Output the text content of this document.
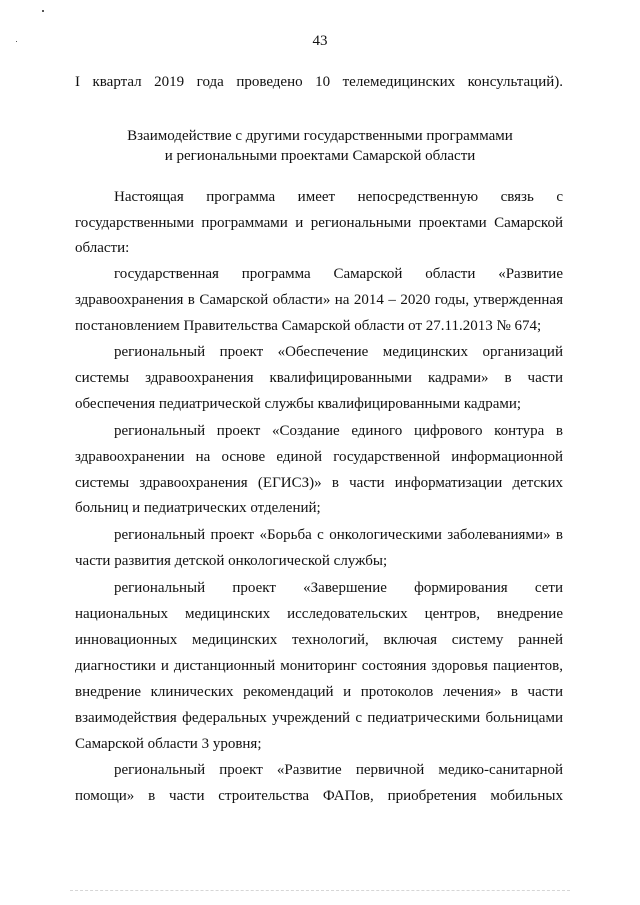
43
I квартал 2019 года проведено 10 телемедицинских консультаций).
Взаимодействие с другими государственными программами
и региональными проектами Самарской области
Настоящая программа имеет непосредственную связь с
государственными программами и региональными проектами Самарской
области:
государственная программа Самарской области «Развитие
здравоохранения в Самарской области» на 2014 – 2020 годы, утвержденная
постановлением Правительства Самарской области от 27.11.2013 № 674;
региональный проект «Обеспечение медицинских организаций
системы здравоохранения квалифицированными кадрами» в части
обеспечения педиатрической службы квалифицированными кадрами;
региональный проект «Создание единого цифрового контура в
здравоохранении на основе единой государственной информационной
системы здравоохранения (ЕГИСЗ)» в части информатизации детских
больниц и педиатрических отделений;
региональный проект «Борьба с онкологическими заболеваниями» в
части развития детской онкологической службы;
региональный проект «Завершение формирования сети
национальных медицинских исследовательских центров, внедрение
инновационных медицинских технологий, включая систему ранней
диагностики и дистанционный мониторинг состояния здоровья пациентов,
внедрение клинических рекомендаций и протоколов лечения» в части
взаимодействия федеральных учреждений с педиатрическими больницами
Самарской области 3 уровня;
региональный проект «Развитие первичной медико-санитарной
помощи» в части строительства ФАПов, приобретения мобильных
